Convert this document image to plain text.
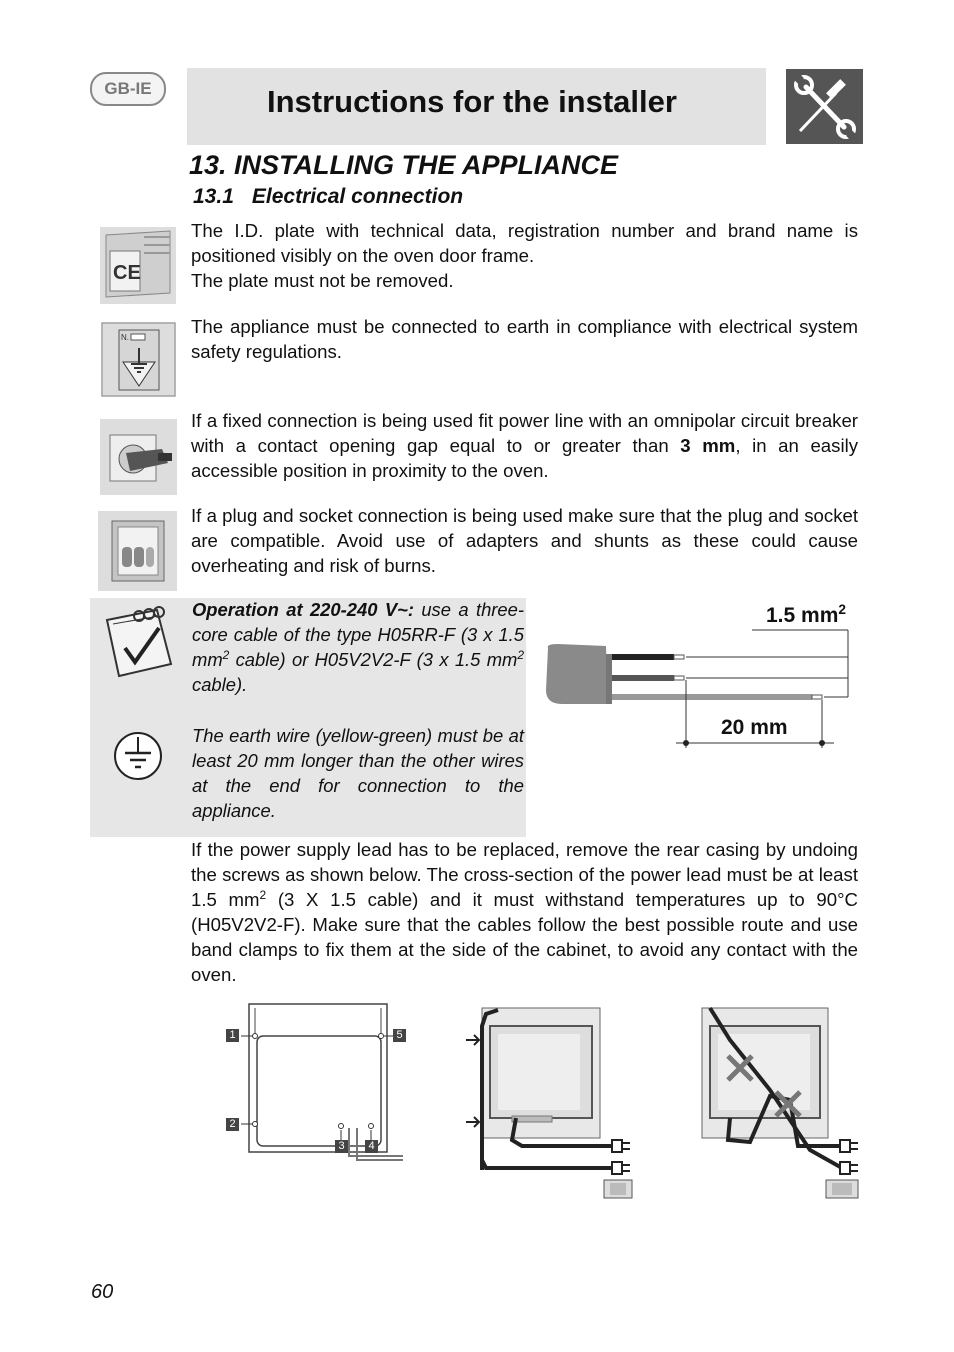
GB-IE	Instructions for the installer
13. INSTALLING THE APPLIANCE
13.1 Electrical connection
CE

The I.D. plate with technical data, registration number and brand name is positioned visibly on the oven door frame.

The plate must not be removed.

N.

The appliance must be connected to earth in compliance with electrical system safety regulations.

If a fixed connection is being used fit power line with an omnipolar circuit breaker with a contact opening gap equal to or greater than 3 mm, in an easily accessible position in proximity to the oven.

If a plug and socket connection is being used make sure that the plug and socket are compatible. Avoid use of adapters and shunts as these could cause overheating and risk of burns.

Operation at 220-240 V~: use a three-core cable of the type H05RR-F (3 x 1.5 $mm^2$ cable) or H05V2V2-F (3 x 1.5 $mm^2$ cable).

The earth wire (yellow-green) must be at least 20 mm longer than the other wires at the end for connection to the appliance.

1.5 $mm^2$
20 mm

If the power supply lead has to be replaced, remove the rear casing by undoing the screws as shown below. The cross-section of the power lead must be at least 1.5 $mm^2$ (3 X 1.5 cable) and it must withstand temperatures up to 90°C (H05V2V2-F). Make sure that the cables follow the best possible route and use band clamps to fix them at the side of the cabinet, to avoid any contact with the oven.

1	5
2
3	4
60
